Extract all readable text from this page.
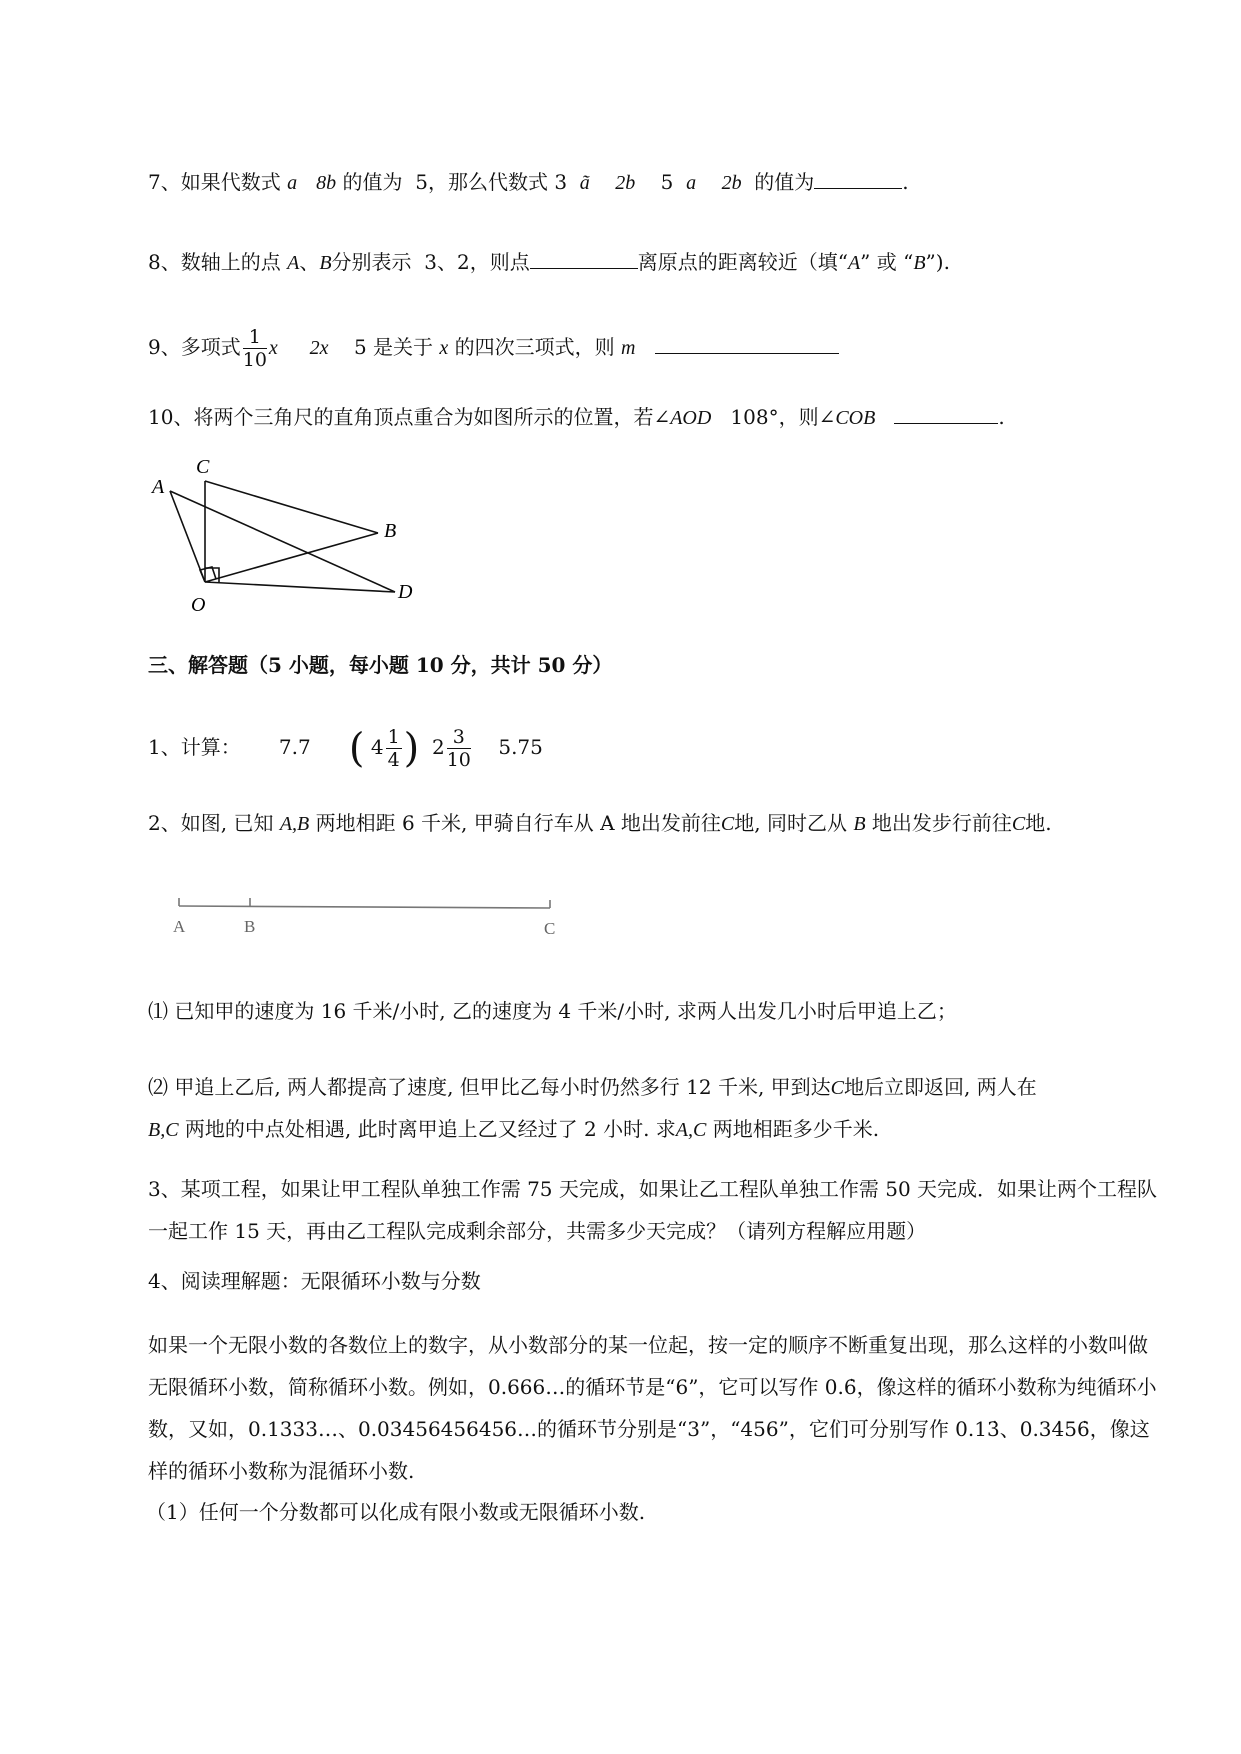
7、如果代数式 a 8b 的值为 5，那么代数式 3 ã 2b 5 a 2b 的值为	.
8、数轴上的点 A、B分别表示 3、2，则点	离原点的距离较近（填“A” 或 “B”).
9、多项式 $\frac{1}{10}$ x 2x 5 是关于 x 的四次三项式，则 m
10、将两个三角尺的直角顶点重合为如图所示的位置，若∠AOD 108°，则∠COB	.
A
C
B
D
O
三、解答题（5 小题，每小题 10 分，共计 50 分）
1、计算： 7.7 ( $4 \frac{1}{4}$ ) $2 \frac{3}{10} 5.75$
2、如图, 已知 A,B 两地相距 6 千米, 甲骑自行车从 A 地出发前往C地, 同时乙从 B 地出发步行前往C地.
A	B	C
⑴ 已知甲的速度为 16 千米/小时, 乙的速度为 4 千米/小时, 求两人出发几小时后甲追上乙；
⑵ 甲追上乙后, 两人都提高了速度, 但甲比乙每小时仍然多行 12 千米, 甲到达C地后立即返回, 两人在
B,C 两地的中点处相遇, 此时离甲追上乙又经过了 2 小时. 求A,C 两地相距多少千米.
3、某项工程，如果让甲工程队单独工作需 75 天完成，如果让乙工程队单独工作需 50 天完成．如果让两个工程队一起工作 15 天，再由乙工程队完成剩余部分，共需多少天完成？（请列方程解应用题）
4、阅读理解题：无限循环小数与分数
如果一个无限小数的各数位上的数字，从小数部分的某一位起，按一定的顺序不断重复出现，那么这样的小数叫做无限循环小数，简称循环小数。例如，0.666…的循环节是“6”，它可以写作 0.6̇，像这样的循环小数称为纯循环小数，又如，0.1333…、0.03456456456…的循环节分别是“3”，“456”，它们可分别写作 0.13̇、0.34̇56̇，像这样的循环小数称为混循环小数.
（1）任何一个分数都可以化成有限小数或无限循环小数.
